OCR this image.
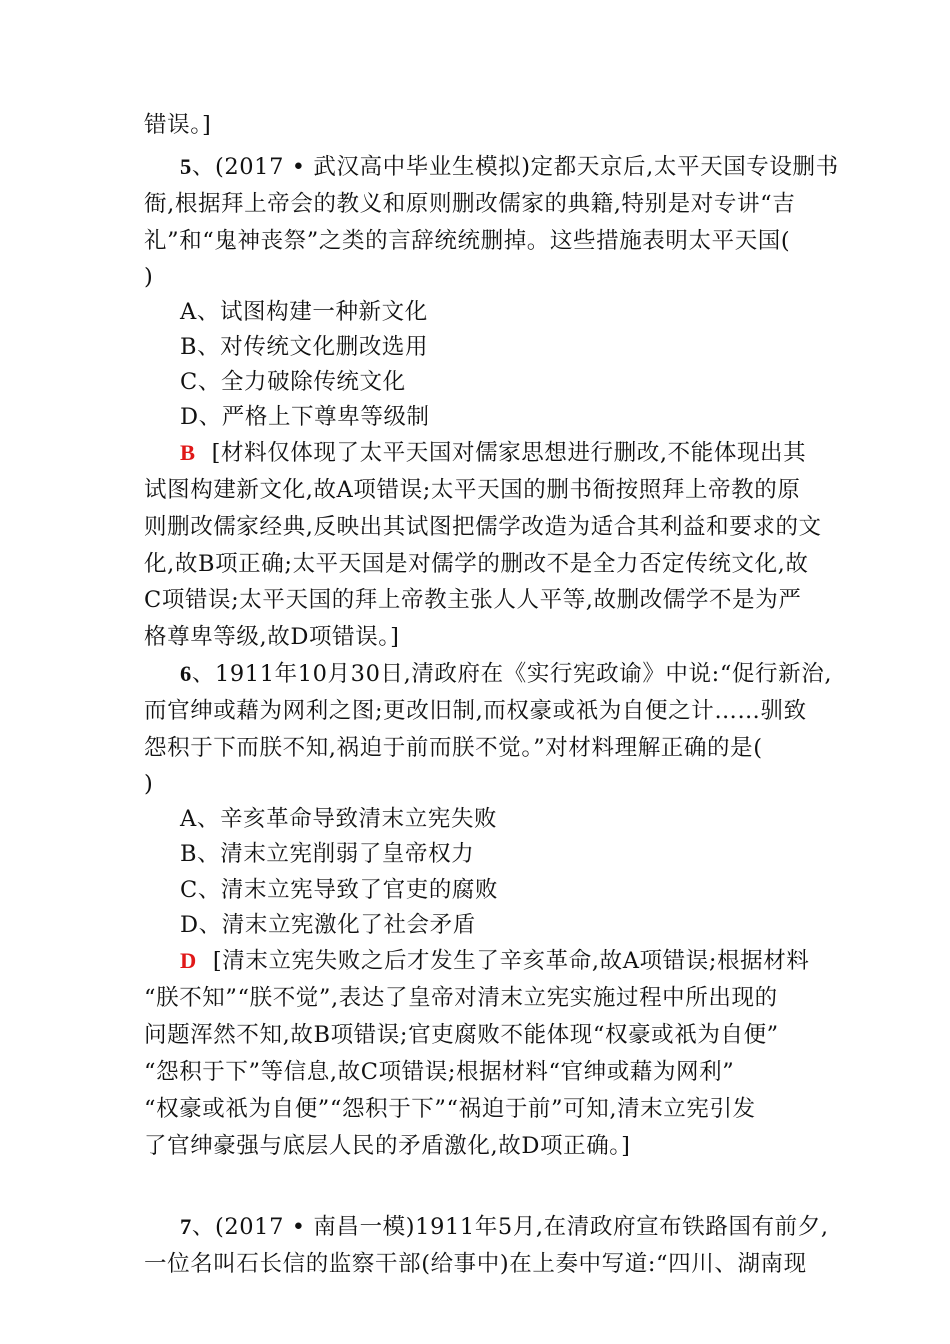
错误。]
5、(2017 • 武汉高中毕业生模拟)定都天京后,太平天国专设删书
衙,根据拜上帝会的教义和原则删改儒家的典籍,特别是对专讲“吉
礼”和“鬼神丧祭”之类的言辞统统删掉。这些措施表明太平天国(
)
A、试图构建一种新文化
B、对传统文化删改选用
C、全力破除传统文化
D、严格上下尊卑等级制
B [材料仅体现了太平天国对儒家思想进行删改,不能体现出其
试图构建新文化,故A项错误;太平天国的删书衙按照拜上帝教的原
则删改儒家经典,反映出其试图把儒学改造为适合其利益和要求的文
化,故B项正确;太平天国是对儒学的删改不是全力否定传统文化,故
C项错误;太平天国的拜上帝教主张人人平等,故删改儒学不是为严
格尊卑等级,故D项错误。]
6、1911年10月30日,清政府在《实行宪政谕》中说:“促行新治,
而官绅或藉为网利之图;更改旧制,而权豪或祇为自便之计……驯致
怨积于下而朕不知,祸迫于前而朕不觉。”对材料理解正确的是(
)
A、辛亥革命导致清末立宪失败
B、清末立宪削弱了皇帝权力
C、清末立宪导致了官吏的腐败
D、清末立宪激化了社会矛盾
D [清末立宪失败之后才发生了辛亥革命,故A项错误;根据材料
“朕不知”“朕不觉”,表达了皇帝对清末立宪实施过程中所出现的
问题浑然不知,故B项错误;官吏腐败不能体现“权豪或祇为自便”
“怨积于下”等信息,故C项错误;根据材料“官绅或藉为网利”
“权豪或祇为自便”“怨积于下”“祸迫于前”可知,清末立宪引发
了官绅豪强与底层人民的矛盾激化,故D项正确。]
7、(2017 • 南昌一模)1911年5月,在清政府宣布铁路国有前夕,
一位名叫石长信的监察干部(给事中)在上奏中写道:“四川、湖南现
